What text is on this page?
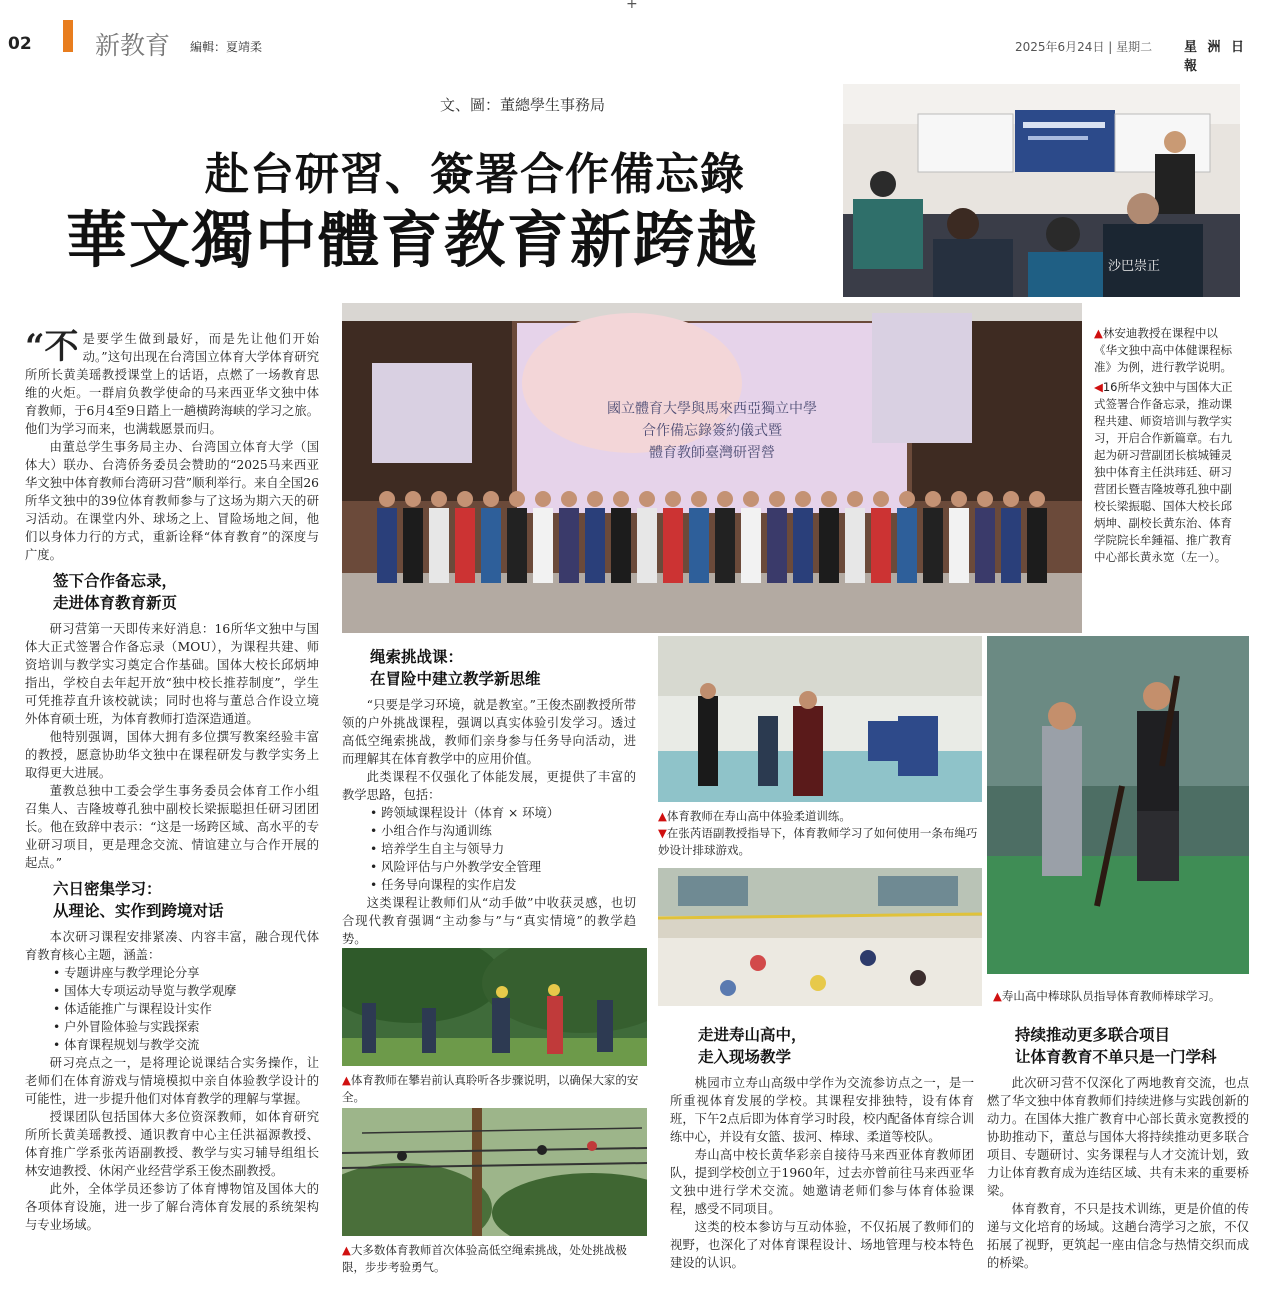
+
02	新教育 編輯：夏靖柔	2025年6月24日 | 星期二 星 洲 日 報
文、圖：董總學生事務局
赴台研習、簽署合作備忘錄
華文獨中體育教育新跨越	沙巴崇正
國立體育大學與馬來西亞獨立中學
合作備忘錄簽約儀式暨
體育教師臺灣研習營
▲林安迪教授在课程中以《华文独中高中体健课程标准》为例，进行教学说明。
◀16所华文独中与国体大正式签署合作备忘录，推动课程共建、师资培训与教学实习，开启合作新篇章。右九起为研习营副团长槟城锺灵独中体育主任洪玮廷、研习营团长暨吉隆坡尊孔独中副校长梁振聪、国体大校长邱炳坤、副校长黄东治、体育学院院长牟鍾福、推广教育中心部长黄永宽（左一）。
▲体育教师在寿山高中体验柔道训练。
▼在张芮语副教授指导下，体育教师学习了如何使用一条布绳巧妙设计排球游戏。
▲寿山高中棒球队员指导体育教师棒球学习。
▲体育教师在攀岩前认真聆听各步骤说明，以确保大家的安全。
▲大多数体育教师首次体验高低空绳索挑战，处处挑战极限，步步考验勇气。

“不是要学生做到最好，而是先让他们开始动。”这句出现在台湾国立体育大学体育研究所所长黄美瑶教授课堂上的话语，点燃了一场教育思维的火炬。一群肩负教学使命的马来西亚华文独中体育教师，于6月4至9日踏上一趟横跨海峡的学习之旅。他们为学习而来，也满载愿景而归。

由董总学生事务局主办、台湾国立体育大学（国体大）联办、台湾侨务委员会赞助的“2025马来西亚华文独中体育教师台湾研习营”顺利举行。来自全国26所华文独中的39位体育教师参与了这场为期六天的研习活动。在课堂内外、球场之上、冒险场地之间，他们以身体力行的方式，重新诠释“体育教育”的深度与广度。

签下合作备忘录，
走进体育教育新页

研习营第一天即传来好消息：16所华文独中与国体大正式签署合作备忘录（MOU），为课程共建、师资培训与教学实习奠定合作基础。国体大校长邱炳坤指出，学校自去年起开放“独中校长推荐制度”，学生可凭推荐直升该校就读；同时也将与董总合作设立境外体育硕士班，为体育教师打造深造通道。

他特别强调，国体大拥有多位撰写教案经验丰富的教授，愿意协助华文独中在课程研发与教学实务上取得更大进展。

董教总独中工委会学生事务委员会体育工作小组召集人、吉隆坡尊孔独中副校长梁振聪担任研习团团长。他在致辞中表示：“这是一场跨区域、高水平的专业研习项目，更是理念交流、情谊建立与合作开展的起点。”

六日密集学习：
从理论、实作到跨境对话

本次研习课程安排紧凑、内容丰富，融合现代体育教育核心主题，涵盖：

• 专题讲座与教学理论分享
• 国体大专项运动导览与教学观摩
• 体适能推广与课程设计实作
• 户外冒险体验与实践探索
• 体育课程规划与教学交流

研习亮点之一，是将理论说课结合实务操作，让老师们在体育游戏与情境模拟中亲自体验教学设计的可能性，进一步提升他们对体育教学的理解与掌握。

授课团队包括国体大多位资深教师，如体育研究所所长黄美瑶教授、通识教育中心主任洪福源教授、体育推广学系张芮语副教授、教学与实习辅导组组长林安迪教授、休闲产业经营学系王俊杰副教授。

此外，全体学员还参访了体育博物馆及国体大的各项体育设施，进一步了解台湾体育发展的系统架构与专业场域。

绳索挑战课：
在冒险中建立教学新思维

“只要是学习环境，就是教室。”王俊杰副教授所带领的户外挑战课程，强调以真实体验引发学习。透过高低空绳索挑战，教师们亲身参与任务导向活动，进而理解其在体育教学中的应用价值。

此类课程不仅强化了体能发展，更提供了丰富的教学思路，包括：

• 跨领域课程设计（体育 × 环境）
• 小组合作与沟通训练
• 培养学生自主与领导力
• 风险评估与户外教学安全管理
• 任务导向课程的实作启发

这类课程让教师们从“动手做”中收获灵感，也切合现代教育强调“主动参与”与“真实情境”的教学趋势。

走进寿山高中，
走入现场教学

桃园市立寿山高级中学作为交流参访点之一，是一所重视体育发展的学校。其课程安排独特，设有体育班，下午2点后即为体育学习时段，校内配备体育综合训练中心，并设有女篮、拔河、棒球、柔道等校队。

寿山高中校长黄华彩亲自接待马来西亚体育教师团队，提到学校创立于1960年，过去亦曾前往马来西亚华文独中进行学术交流。她邀请老师们参与体育体验课程，感受不同项目。

这类的校本参访与互动体验，不仅拓展了教师们的视野，也深化了对体育课程设计、场地管理与校本特色建设的认识。

持续推动更多联合项目
让体育教育不单只是一门学科

此次研习营不仅深化了两地教育交流，也点燃了华文独中体育教师们持续进修与实践创新的动力。在国体大推广教育中心部长黄永宽教授的协助推动下，董总与国体大将持续推动更多联合项目、专题研讨、实务课程与人才交流计划，致力让体育教育成为连结区域、共有未来的重要桥梁。

体育教育，不只是技术训练，更是价值的传递与文化培育的场域。这趟台湾学习之旅，不仅拓展了视野，更筑起一座由信念与热情交织而成的桥梁。
